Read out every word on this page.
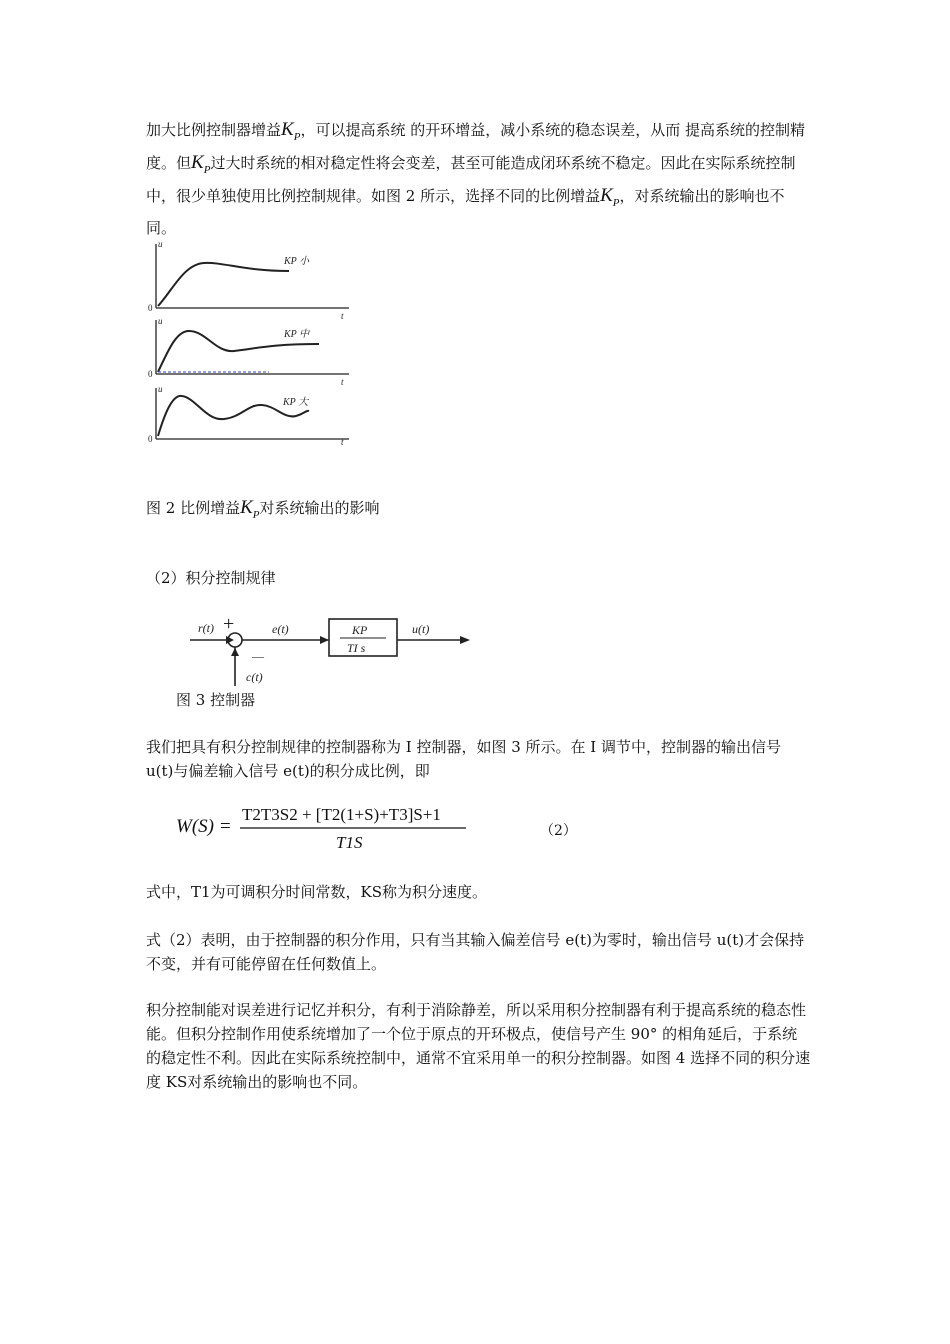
加大比例控制器增益$K_P$，可以提高系统 的开环增益，减小系统的稳态误差，从而 提高系统的控制精度。但$K_P$过大时系统的相对稳定性将会变差，甚至可能造成闭环系统不稳定。因此在实际系统控制中，很少单独使用比例控制规律。如图 2 所示，选择不同的比例增益$K_P$，对系统输出的影响也不同。
u
t
0
u
t
0
u
t
0
KP 小
KP 中
KP 大
图 2 比例增益$K_P$对系统输出的影响
（2）积分控制规律
r(t) +
—
e(t)	KP
TI s
u(t)
c(t)
图 3 控制器
我们把具有积分控制规律的控制器称为 I 控制器，如图 3 所示。在 I 调节中，控制器的输出信号 u(t)与偏差输入信号 e(t)的积分成比例，即
W(S) =
T2T3S2 + [T2(1+S)+T3]S+1
T1S
（2）
式中，T1为可调积分时间常数，KS称为积分速度。
式（2）表明，由于控制器的积分作用，只有当其输入偏差信号 e(t)为零时，输出信号 u(t)才会保持不变，并有可能停留在任何数值上。
积分控制能对误差进行记忆并积分，有利于消除静差，所以采用积分控制器有利于提高系统的稳态性能。但积分控制作用使系统增加了一个位于原点的开环极点，使信号产生 90° 的相角延后，于系统的稳定性不利。因此在实际系统控制中，通常不宜采用单一的积分控制器。如图 4 选择不同的积分速度 KS对系统输出的影响也不同。
